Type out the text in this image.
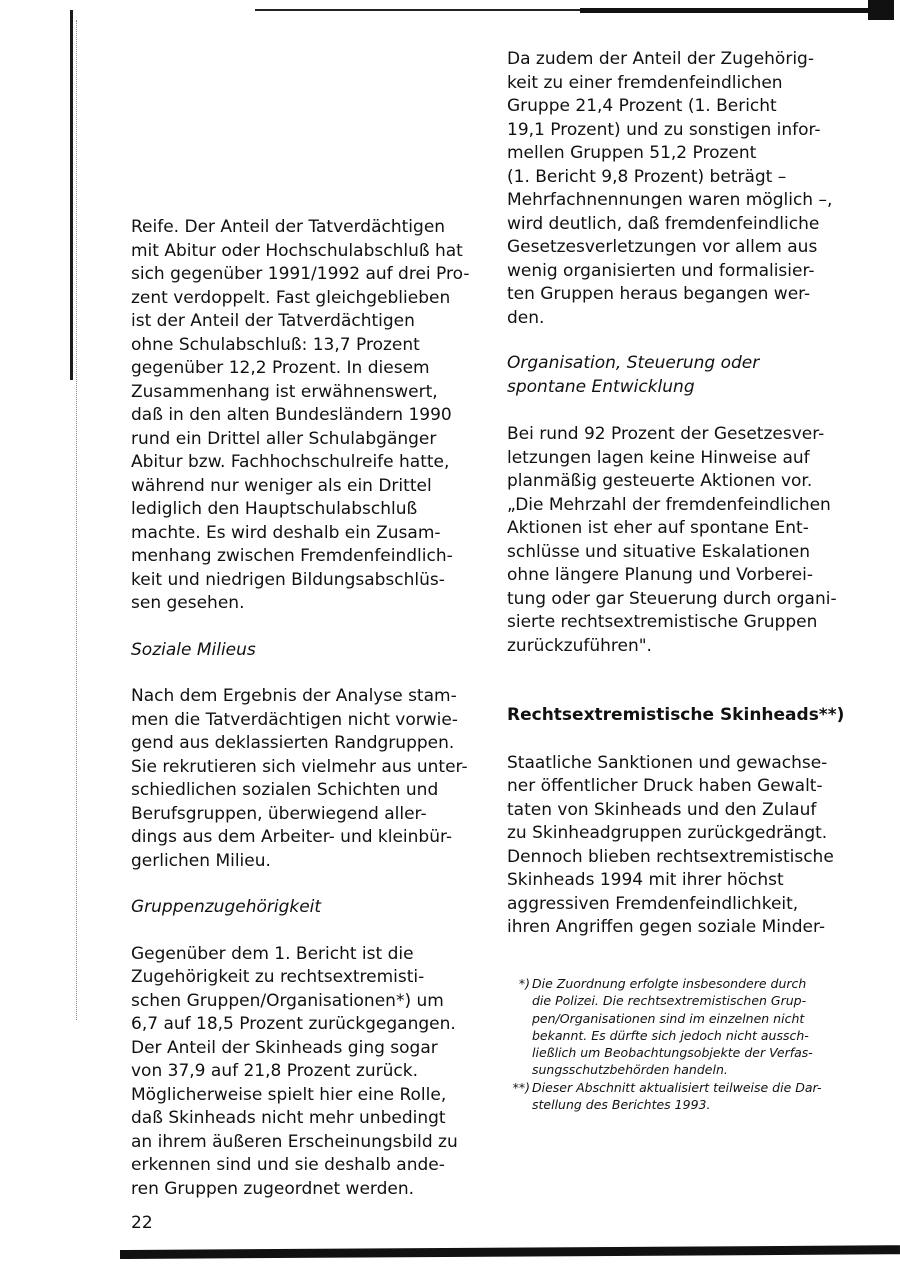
Reife. Der Anteil der Tatverdächtigen
mit Abitur oder Hochschulabschluß hat
sich gegenüber 1991/1992 auf drei Pro-
zent verdoppelt. Fast gleichgeblieben
ist der Anteil der Tatverdächtigen
ohne Schulabschluß: 13,7 Prozent
gegenüber 12,2 Prozent. In diesem
Zusammenhang ist erwähnenswert,
daß in den alten Bundesländern 1990
rund ein Drittel aller Schulabgänger
Abitur bzw. Fachhochschulreife hatte,
während nur weniger als ein Drittel
lediglich den Hauptschulabschluß
machte. Es wird deshalb ein Zusam-
menhang zwischen Fremdenfeindlich-
keit und niedrigen Bildungsabschlüs-
sen gesehen.

Soziale Milieus

Nach dem Ergebnis der Analyse stam-
men die Tatverdächtigen nicht vorwie-
gend aus deklassierten Randgruppen.
Sie rekrutieren sich vielmehr aus unter-
schiedlichen sozialen Schichten und
Berufsgruppen, überwiegend aller-
dings aus dem Arbeiter- und kleinbür-
gerlichen Milieu.

Gruppenzugehörigkeit

Gegenüber dem 1. Bericht ist die
Zugehörigkeit zu rechtsextremisti-
schen Gruppen/Organisationen*) um
6,7 auf 18,5 Prozent zurückgegangen.
Der Anteil der Skinheads ging sogar
von 37,9 auf 21,8 Prozent zurück.
Möglicherweise spielt hier eine Rolle,
daß Skinheads nicht mehr unbedingt
an ihrem äußeren Erscheinungsbild zu
erkennen sind und sie deshalb ande-
ren Gruppen zugeordnet werden.

Da zudem der Anteil der Zugehörig-
keit zu einer fremdenfeindlichen
Gruppe 21,4 Prozent (1. Bericht
19,1 Prozent) und zu sonstigen infor-
mellen Gruppen 51,2 Prozent
(1. Bericht 9,8 Prozent) beträgt –
Mehrfachnennungen waren möglich –,
wird deutlich, daß fremdenfeindliche
Gesetzesverletzungen vor allem aus
wenig organisierten und formalisier-
ten Gruppen heraus begangen wer-
den.

Organisation, Steuerung oder
spontane Entwicklung

Bei rund 92 Prozent der Gesetzesver-
letzungen lagen keine Hinweise auf
planmäßig gesteuerte Aktionen vor.
„Die Mehrzahl der fremdenfeindlichen
Aktionen ist eher auf spontane Ent-
schlüsse und situative Eskalationen
ohne längere Planung und Vorberei-
tung oder gar Steuerung durch organi-
sierte rechtsextremistische Gruppen
zurückzuführen".

Rechtsextremistische Skinheads**)

Staatliche Sanktionen und gewachse-
ner öffentlicher Druck haben Gewalt-
taten von Skinheads und den Zulauf
zu Skinheadgruppen zurückgedrängt.
Dennoch blieben rechtsextremistische
Skinheads 1994 mit ihrer höchst
aggressiven Fremdenfeindlichkeit,
ihren Angriffen gegen soziale Minder-

*) Die Zuordnung erfolgte insbesondere durch
die Polizei. Die rechtsextremistischen Grup-
pen/Organisationen sind im einzelnen nicht
bekannt. Es dürfte sich jedoch nicht aussch-
ließlich um Beobachtungsobjekte der Verfas-
sungsschutzbehörden handeln.

**) Dieser Abschnitt aktualisiert teilweise die Dar-
stellung des Berichtes 1993.

22
